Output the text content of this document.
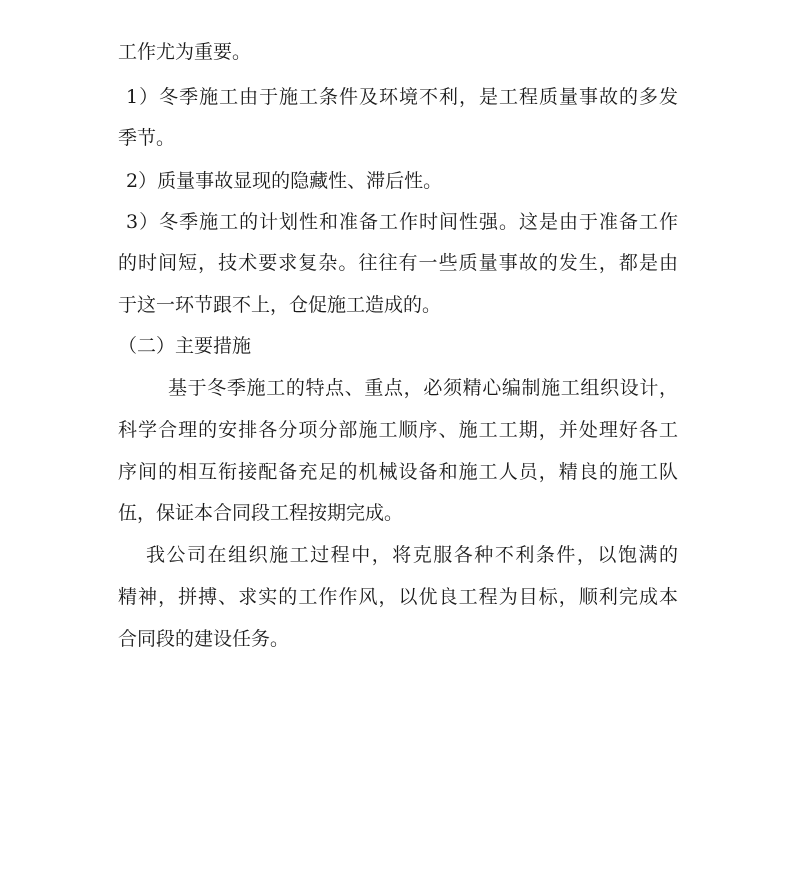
工作尤为重要。
1）冬季施工由于施工条件及环境不利，是工程质量事故的多发
季节。
2）质量事故显现的隐藏性、滞后性。
3）冬季施工的计划性和准备工作时间性强。这是由于准备工作
的时间短，技术要求复杂。往往有一些质量事故的发生，都是由
于这一环节跟不上，仓促施工造成的。
（二）主要措施
基于冬季施工的特点、重点，必须精心编制施工组织设计，
科学合理的安排各分项分部施工顺序、施工工期，并处理好各工
序间的相互衔接配备充足的机械设备和施工人员，精良的施工队
伍，保证本合同段工程按期完成。
我公司在组织施工过程中，将克服各种不利条件，以饱满的
精神，拼搏、求实的工作作风，以优良工程为目标，顺利完成本
合同段的建设任务。
